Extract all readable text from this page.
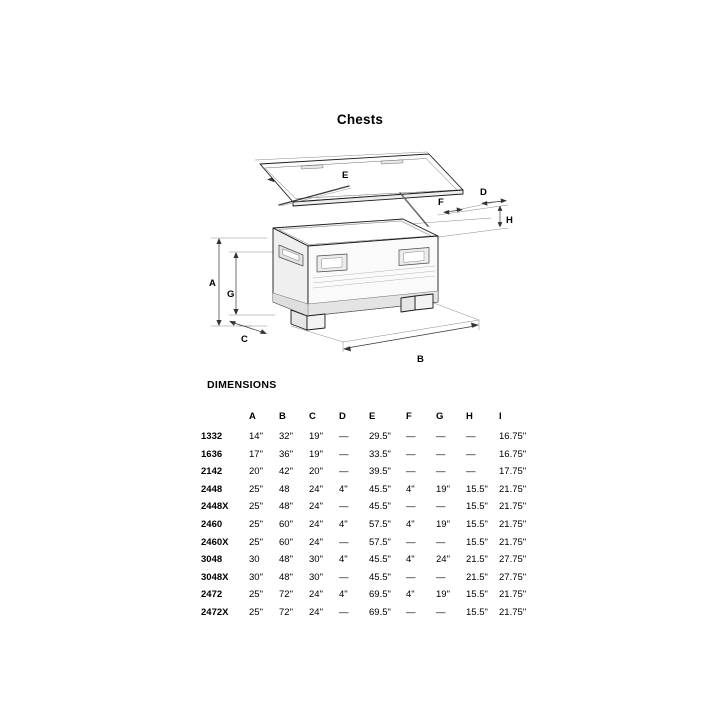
Chests
A
B
C
D
E
F
G
H
DIMENSIONS
	A	B	C	D	E	F	G	H	I
1332	14"	32"	19"	—	29.5"	—	—	—	16.75"
1636	17"	36"	19"	—	33.5"	—	—	—	16.75"
2142	20"	42"	20"	—	39.5"	—	—	—	17.75"
2448	25"	48	24"	4"	45.5"	4"	19"	15.5"	21.75"
2448X	25"	48"	24"	—	45.5"	—	—	15.5"	21.75"
2460	25"	60"	24"	4"	57.5"	4"	19"	15.5"	21.75"
2460X	25"	60"	24"	—	57.5"	—	—	15.5"	21.75"
3048	30	48"	30"	4"	45.5"	4"	24"	21.5"	27.75"
3048X	30"	48"	30"	—	45.5"	—	—	21.5"	27.75"
2472	25"	72"	24"	4"	69.5"	4"	19"	15.5"	21.75"
2472X	25"	72"	24"	—	69.5"	—	—	15.5"	21.75"
